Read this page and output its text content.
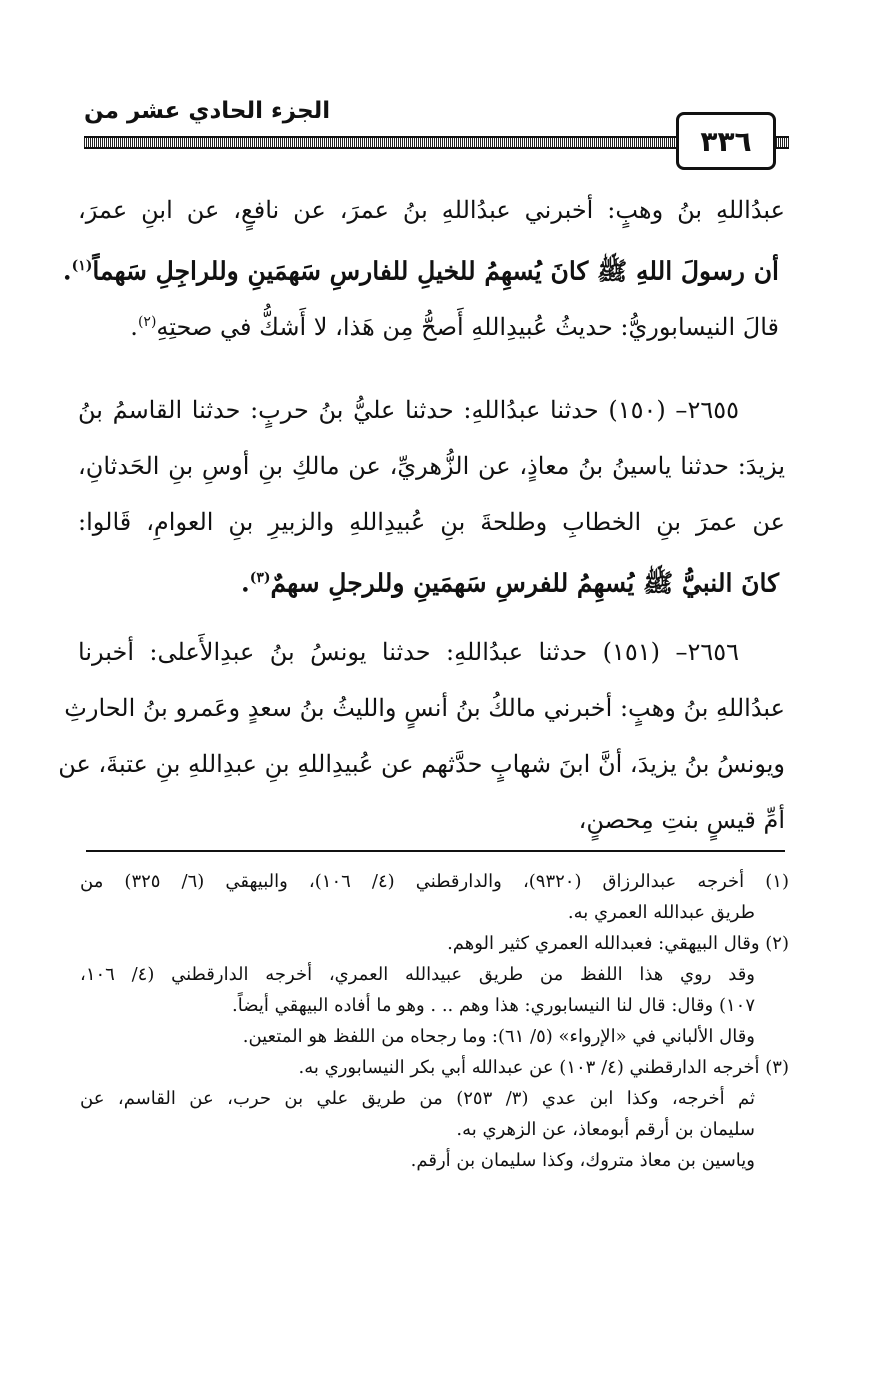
الجزء الحادي عشر من
٣٣٦
عبدُاللهِ بنُ وهبٍ: أخبرني عبدُاللهِ بنُ عمرَ، عن نافعٍ، عن ابنِ عمرَ،
أن رسولَ اللهِ ﷺ كانَ يُسهِمُ للخيلِ للفارسِ سَهمَينِ وللراجِلِ سَهماً$^{(١)}$.
قالَ النيسابوريُّ: حديثُ عُبيدِاللهِ أَصحُّ مِن هَذا، لا أَشكُّ في صحتِهِ$^{(٢)}$.
٢٦٥٥– (١٥٠) حدثنا عبدُاللهِ: حدثنا عليُّ بنُ حربٍ: حدثنا القاسمُ بنُ
يزيدَ: حدثنا ياسينُ بنُ معاذٍ، عن الزُّهريِّ، عن مالكِ بنِ أوسِ بنِ الحَدثانِ،
عن عمرَ بنِ الخطابِ وطلحةَ بنِ عُبيدِاللهِ والزبيرِ بنِ العوامِ، قَالوا:
كانَ النبيُّ ﷺ يُسهِمُ للفرسِ سَهمَينِ وللرجلِ سهمٌ$^{(٣)}$.
٢٦٥٦– (١٥١) حدثنا عبدُاللهِ: حدثنا يونسُ بنُ عبدِالأَعلى: أخبرنا
عبدُاللهِ بنُ وهبٍ: أخبرني مالكُ بنُ أنسٍ والليثُ بنُ سعدٍ وعَمرو بنُ الحارثِ
ويونسُ بنُ يزيدَ، أنَّ ابنَ شهابٍ حدَّثهم عن عُبيدِاللهِ بنِ عبدِاللهِ بنِ عتبةَ، عن
أمِّ قيسٍ بنتِ مِحصنٍ،
(١) أخرجه عبدالرزاق (٩٣٢٠)، والدارقطني (٤/ ١٠٦)، والبيهقي (٦/ ٣٢٥) من
طريق عبدالله العمري به.
(٢) وقال البيهقي: فعبدالله العمري كثير الوهم.
وقد روي هذا اللفظ من طريق عبيدالله العمري، أخرجه الدارقطني (٤/ ١٠٦،
١٠٧) وقال: قال لنا النيسابوري: هذا وهم .. . وهو ما أفاده البيهقي أيضاً.
وقال الألباني في «الإرواء» (٥/ ٦١): وما رجحاه من اللفظ هو المتعين.
(٣) أخرجه الدارقطني (٤/ ١٠٣) عن عبدالله أبي بكر النيسابوري به.
ثم أخرجه، وكذا ابن عدي (٣/ ٢٥٣) من طريق علي بن حرب، عن القاسم، عن
سليمان بن أرقم أبومعاذ، عن الزهري به.
وياسين بن معاذ متروك، وكذا سليمان بن أرقم.
